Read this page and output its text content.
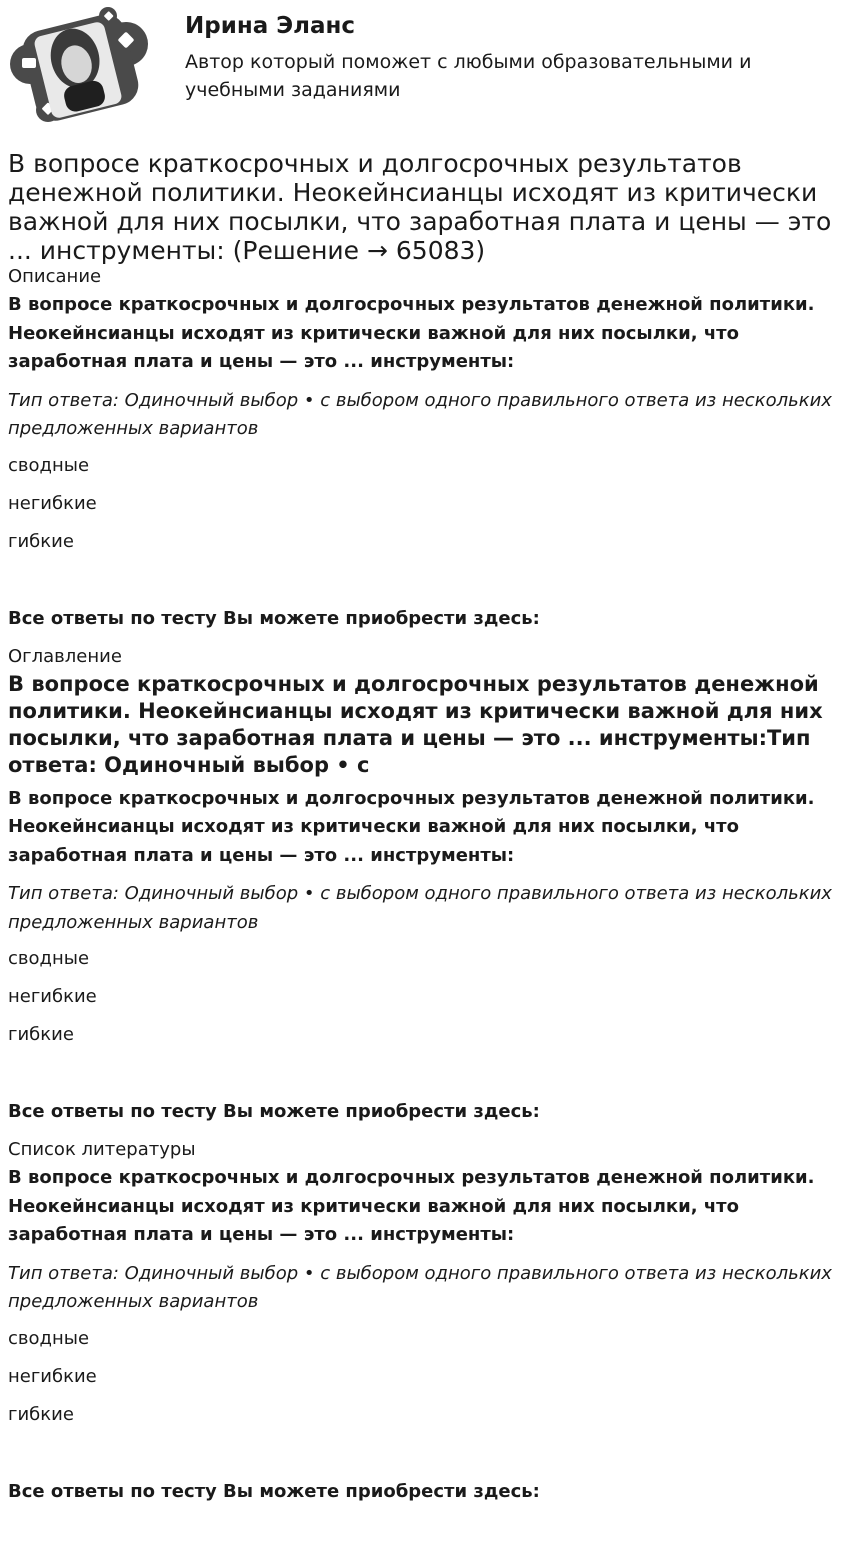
Ирина Эланс

Автор который поможет с любыми образовательными и учебными заданиями

В вопросе краткосрочных и долгосрочных результатов денежной политики. Неокейнсианцы исходят из критически важной для них посылки, что заработная плата и цены — это ... инструменты: (Решение → 65083)

Описание

В вопросе краткосрочных и долгосрочных результатов денежной политики. Неокейнсианцы исходят из критически важной для них посылки, что заработная плата и цены — это ... инструменты:

Тип ответа: Одиночный выбор • с выбором одного правильного ответа из нескольких предложенных вариантов

сводные

негибкие

гибкие

Все ответы по тесту Вы можете приобрести здесь:

Оглавление

В вопросе краткосрочных и долгосрочных результатов денежной политики. Неокейнсианцы исходят из критически важной для них посылки, что заработная плата и цены — это ... инструменты:Тип ответа: Одиночный выбор • с

В вопросе краткосрочных и долгосрочных результатов денежной политики. Неокейнсианцы исходят из критически важной для них посылки, что заработная плата и цены — это ... инструменты:

Тип ответа: Одиночный выбор • с выбором одного правильного ответа из нескольких предложенных вариантов

сводные

негибкие

гибкие

Все ответы по тесту Вы можете приобрести здесь:

Список литературы

В вопросе краткосрочных и долгосрочных результатов денежной политики. Неокейнсианцы исходят из критически важной для них посылки, что заработная плата и цены — это ... инструменты:

Тип ответа: Одиночный выбор • с выбором одного правильного ответа из нескольких предложенных вариантов

сводные

негибкие

гибкие

Все ответы по тесту Вы можете приобрести здесь:
